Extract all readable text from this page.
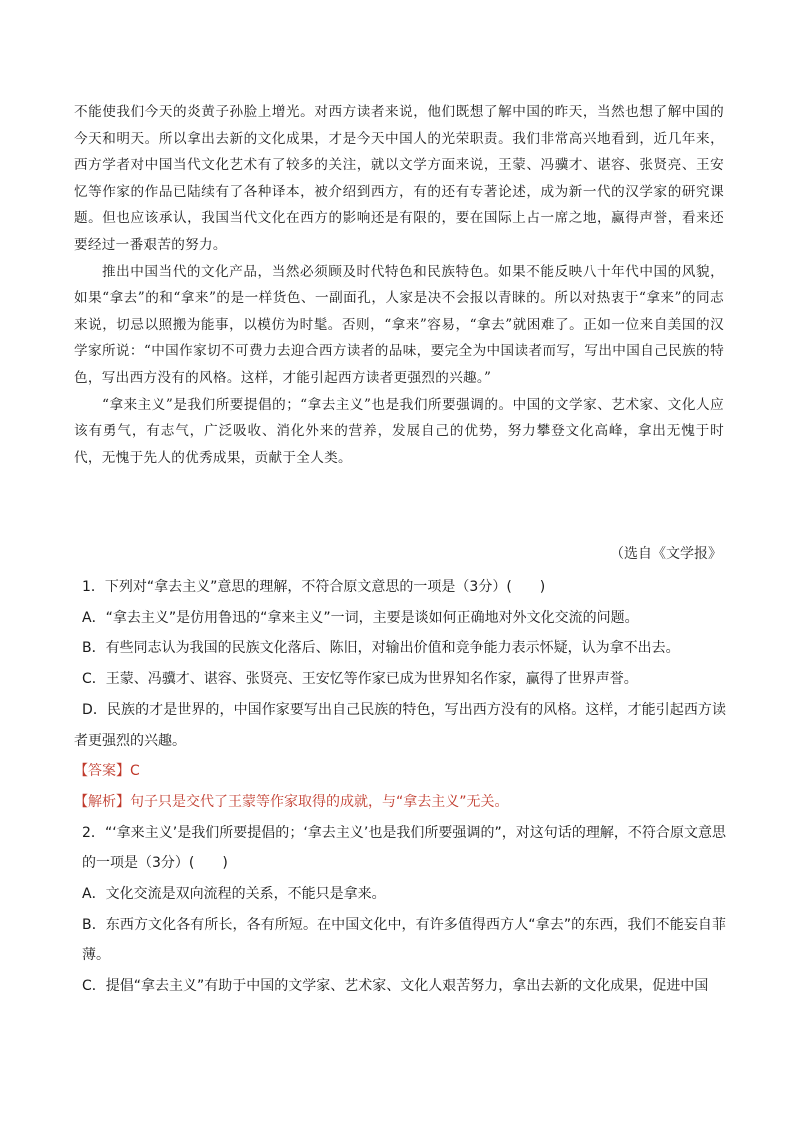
不能使我们今天的炎黄子孙脸上增光。对西方读者来说，他们既想了解中国的昨天，当然也想了解中国的今天和明天。所以拿出去新的文化成果，才是今天中国人的光荣职责。我们非常高兴地看到，近几年来，西方学者对中国当代文化艺术有了较多的关注，就以文学方面来说，王蒙、冯骥才、谌容、张贤亮、王安忆等作家的作品已陆续有了各种译本，被介绍到西方，有的还有专著论述，成为新一代的汉学家的研究课题。但也应该承认，我国当代文化在西方的影响还是有限的，要在国际上占一席之地，赢得声誉，看来还要经过一番艰苦的努力。

推出中国当代的文化产品，当然必须顾及时代特色和民族特色。如果不能反映八十年代中国的风貌，如果“拿去”的和“拿来”的是一样货色、一副面孔，人家是决不会报以青睐的。所以对热衷于“拿来”的同志来说，切忌以照搬为能事，以模仿为时髦。否则，“拿来”容易，“拿去”就困难了。正如一位来自美国的汉学家所说：“中国作家切不可费力去迎合西方读者的品味，要完全为中国读者而写，写出中国自己民族的特色，写出西方没有的风格。这样，才能引起西方读者更强烈的兴趣。”

“拿来主义”是我们所要提倡的；“拿去主义”也是我们所要强调的。中国的文学家、艺术家、文化人应该有勇气，有志气，广泛吸收、消化外来的营养，发展自己的优势，努力攀登文化高峰，拿出无愧于时代，无愧于先人的优秀成果，贡献于全人类。

（选自《文学报》

1．下列对“拿去主义”意思的理解，不符合原文意思的一项是（3分）(　　)

A．“拿去主义”是仿用鲁迅的“拿来主义”一词，主要是谈如何正确地对外文化交流的问题。

B．有些同志认为我国的民族文化落后、陈旧，对输出价值和竞争能力表示怀疑，认为拿不出去。

C．王蒙、冯骥才、谌容、张贤亮、王安忆等作家已成为世界知名作家，赢得了世界声誉。

D．民族的才是世界的，中国作家要写出自己民族的特色，写出西方没有的风格。这样，才能引起西方读者更强烈的兴趣。

【答案】C

【解析】句子只是交代了王蒙等作家取得的成就，与“拿去主义”无关。

2．“‘拿来主义’是我们所要提倡的；‘拿去主义’也是我们所要强调的”，对这句话的理解，不符合原文意思的一项是（3分）(　　)

A．文化交流是双向流程的关系，不能只是拿来。

B．东西方文化各有所长，各有所短。在中国文化中，有许多值得西方人“拿去”的东西，我们不能妄自菲薄。

C．提倡“拿去主义”有助于中国的文学家、艺术家、文化人艰苦努力，拿出去新的文化成果，促进中国
